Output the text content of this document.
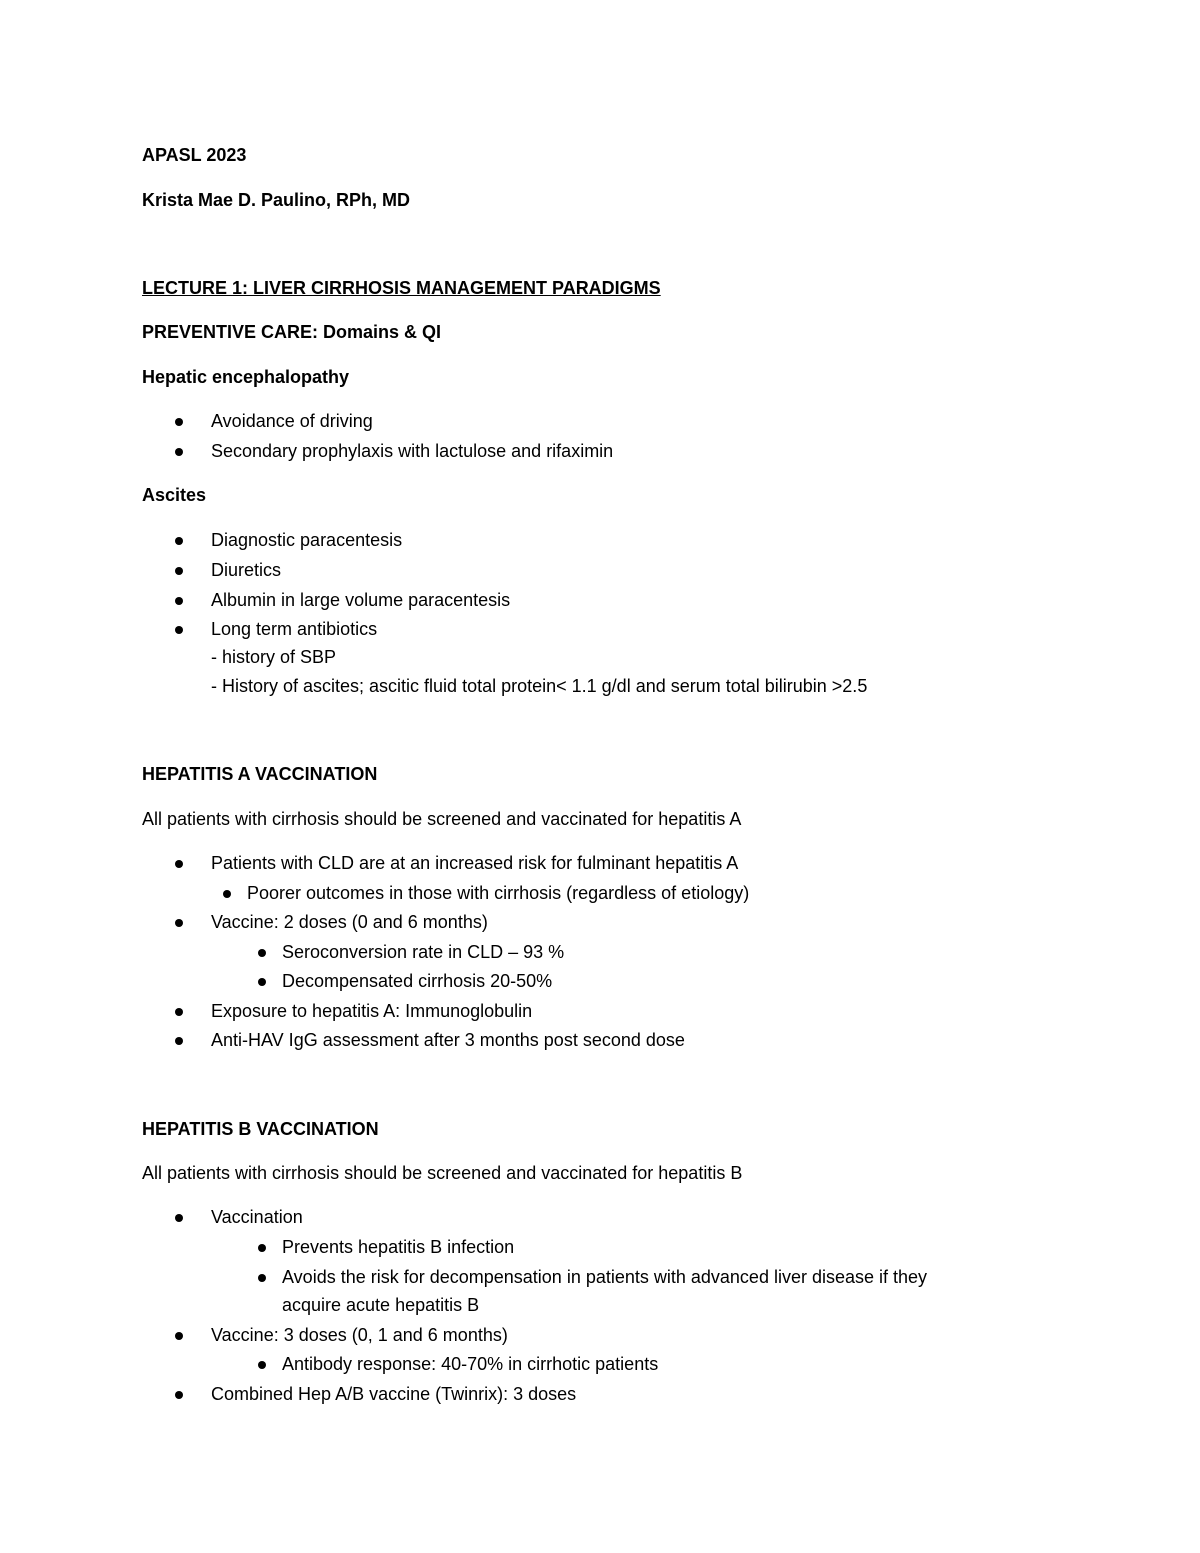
APASL 2023
Krista Mae D. Paulino, RPh, MD
LECTURE 1: LIVER CIRRHOSIS MANAGEMENT PARADIGMS
PREVENTIVE CARE: Domains & QI
Hepatic encephalopathy
Avoidance of driving
Secondary prophylaxis with lactulose and rifaximin
Ascites
Diagnostic paracentesis
Diuretics
Albumin in large volume paracentesis
Long term antibiotics
- history of SBP
- History of ascites; ascitic fluid total protein< 1.1 g/dl and serum total bilirubin >2.5
HEPATITIS A VACCINATION
All patients with cirrhosis should be screened and vaccinated for hepatitis A
Patients with CLD are at an increased risk for fulminant hepatitis A
Poorer outcomes in those with cirrhosis (regardless of etiology)
Vaccine: 2 doses (0 and 6 months)
Seroconversion rate in CLD – 93 %
Decompensated cirrhosis 20-50%
Exposure to hepatitis A: Immunoglobulin
Anti-HAV IgG assessment after 3 months post second dose
HEPATITIS B VACCINATION
All patients with cirrhosis should be screened and vaccinated for hepatitis B
Vaccination
Prevents hepatitis B infection
Avoids the risk for decompensation in patients with advanced liver disease if they
acquire acute hepatitis B
Vaccine: 3 doses (0, 1 and 6 months)
Antibody response: 40-70% in cirrhotic patients
Combined Hep A/B vaccine (Twinrix): 3 doses
